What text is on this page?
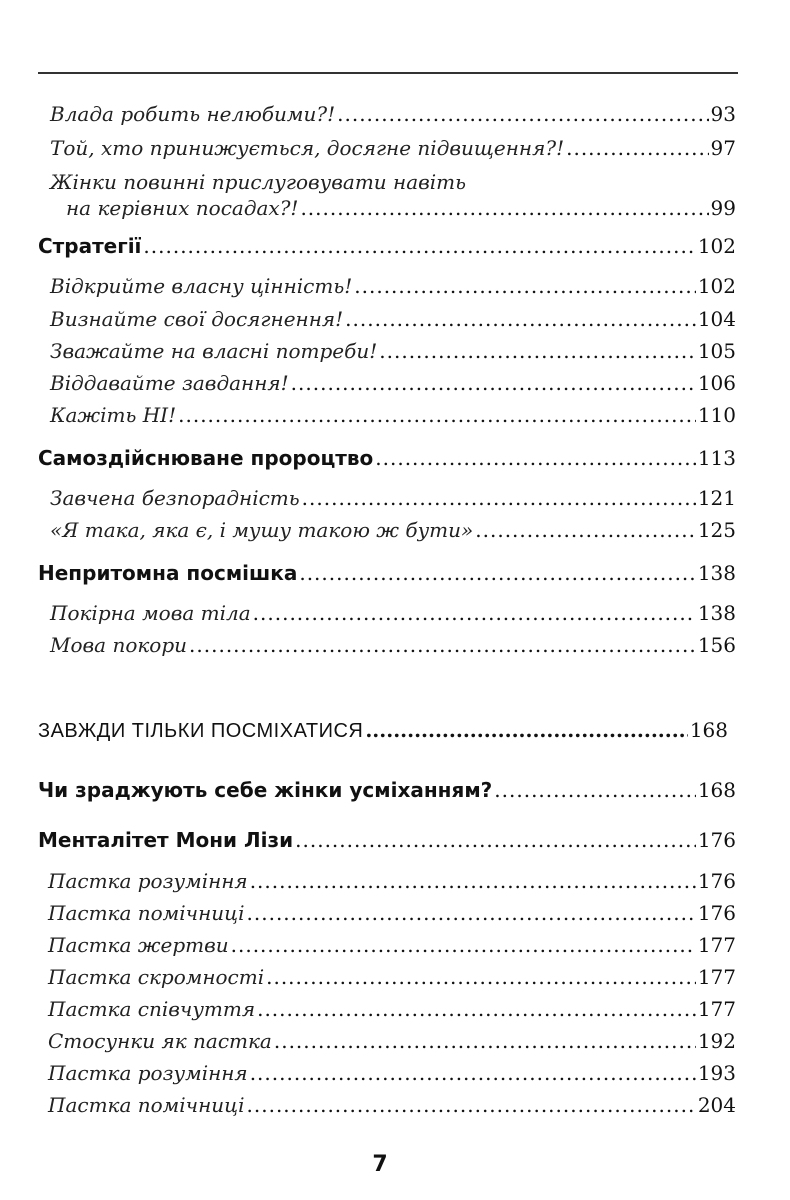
Влада робить нелюбими?! .....	93
Той, хто принижується, досягне підвищення?! .....	97
Жінки повинні прислуговувати навіть
на керівних посадах?! .....	99
Стратегії .....	102
Відкрийте власну цінність! .....	102
Визнайте свої досягнення! .....	104
Зважайте на власні потреби! .....	105
Віддавайте завдання! .....	106
Кажіть НІ! .....	110
Самоздійснюване пророцтво .....	113
Завчена безпорадність .....	121
«Я така, яка є, і мушу такою ж бути» .....	125
Непритомна посмішка .....	138
Покірна мова тіла .....	138
Мова покори .....	156
ЗАВЖДИ ТІЛЬКИ ПОСМІХАТИСЯ .....	168
Чи зраджують себе жінки усміханням? .....	168
Менталітет Мони Лізи .....	176
Пастка розуміння .....	176
Пастка помічниці .....	176
Пастка жертви .....	177
Пастка скромності .....	177
Пастка співчуття .....	177
Стосунки як пастка .....	192
Пастка розуміння .....	193
Пастка помічниці .....	204
7
